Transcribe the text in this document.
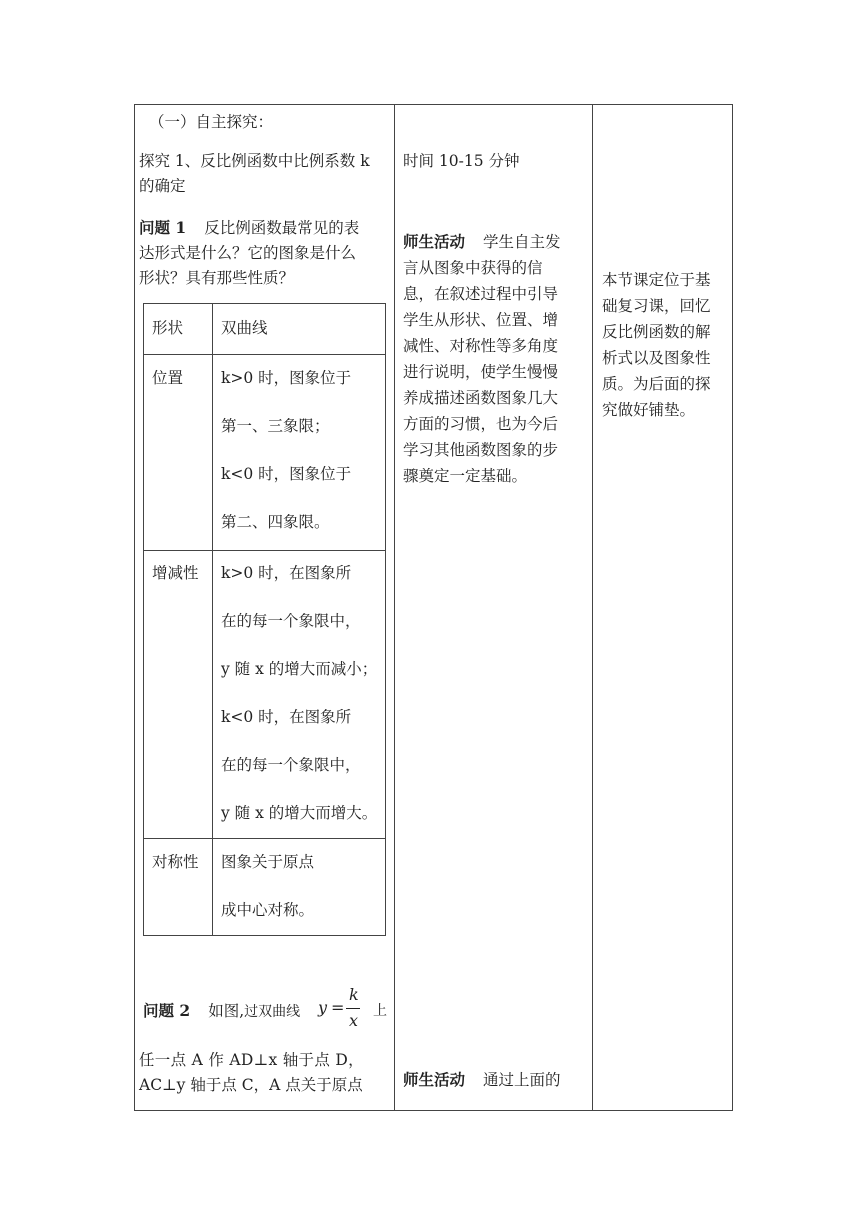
（一）自主探究：
探究 1、反比例函数中比例系数 k
的确定
问题 1 反比例函数最常见的表
达形式是什么？它的图象是什么
形状？具有那些性质？
形状 双曲线
位置 k>0 时，图象位于
第一、三象限；
k<0 时，图象位于
第二、四象限。
增减性 k>0 时，在图象所
在的每一个象限中，
y 随 x 的增大而减小；
k<0 时，在图象所
在的每一个象限中，
y 随 x 的增大而增大。
对称性 图象关于原点
成中心对称。
问题 2 如图,过双曲线 y =
k
x 上
任一点 A 作 AD⊥x 轴于点 D，
AC⊥y 轴于点 C，A 点关于原点
时间 10-15 分钟
师生活动 学生自主发
言从图象中获得的信
息，在叙述过程中引导
学生从形状、位置、增
减性、对称性等多角度
进行说明，使学生慢慢
养成描述函数图象几大
方面的习惯，也为今后
学习其他函数图象的步
骤奠定一定基础。
师生活动 通过上面的
本节课定位于基
础复习课，回忆
反比例函数的解
析式以及图象性
质。为后面的探
究做好铺垫。
